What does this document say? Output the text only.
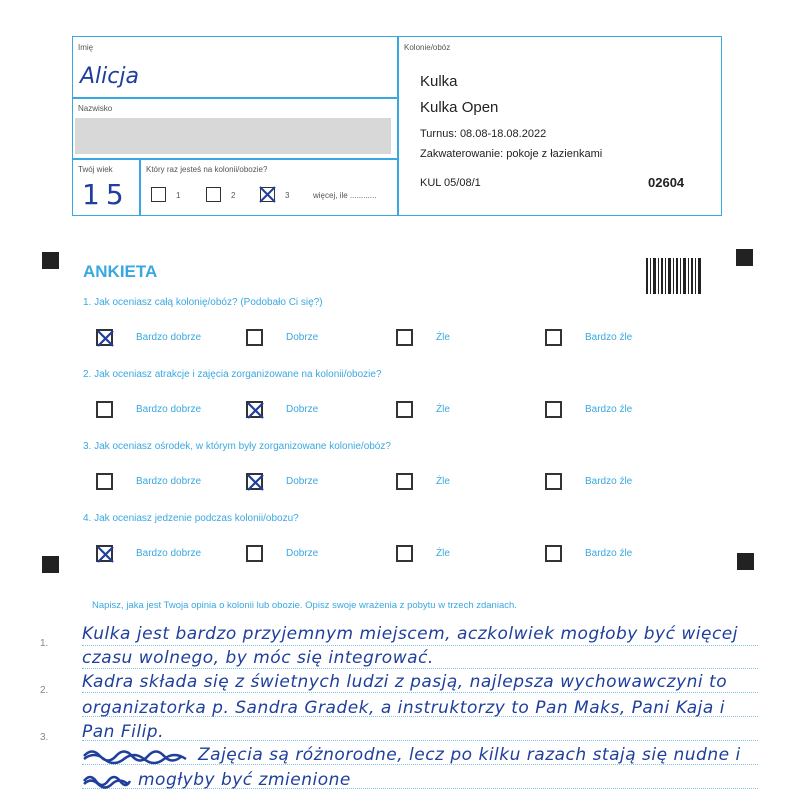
Imię
Alicja
Nazwisko
Twój wiek
15
Który raz jesteś na kolonii/obozie?
1	2	3	więcej, ile ............
Kolonie/obóz
Kulka
Kulka Open
Turnus: 08.08-18.08.2022
Zakwaterowanie: pokoje z łazienkami
KUL 05/08/1	02604
ANKIETA
1. Jak oceniasz całą kolonię/obóz? (Podobało Ci się?)
Bardzo dobrze	Dobrze	Źle	Bardzo źle
2. Jak oceniasz atrakcje i zajęcia zorganizowane na kolonii/obozie?
Bardzo dobrze	Dobrze	Źle	Bardzo źle
3. Jak oceniasz ośrodek, w którym były zorganizowane kolonie/obóz?
Bardzo dobrze	Dobrze	Źle	Bardzo źle
4. Jak oceniasz jedzenie podczas kolonii/obozu?
Bardzo dobrze	Dobrze	Źle	Bardzo źle
Napisz, jaka jest Twoja opinia o kolonii lub obozie. Opisz swoje wrażenia z pobytu w trzech zdaniach.
1.
2.
3.
Kulka jest bardzo przyjemnym miejscem, aczkolwiek mogłoby być więcej
czasu wolnego, by móc się integrować.
Kadra składa się z świetnych ludzi z pasją, najlepsza wychowawczyni to
organizatorka p. Sandra Gradek, a instruktorzy to Pan Maks, Pani Kaja i
Pan Filip.
Zajęcia są różnorodne, lecz po kilku razach stają się nudne i
mogłyby być zmienione
